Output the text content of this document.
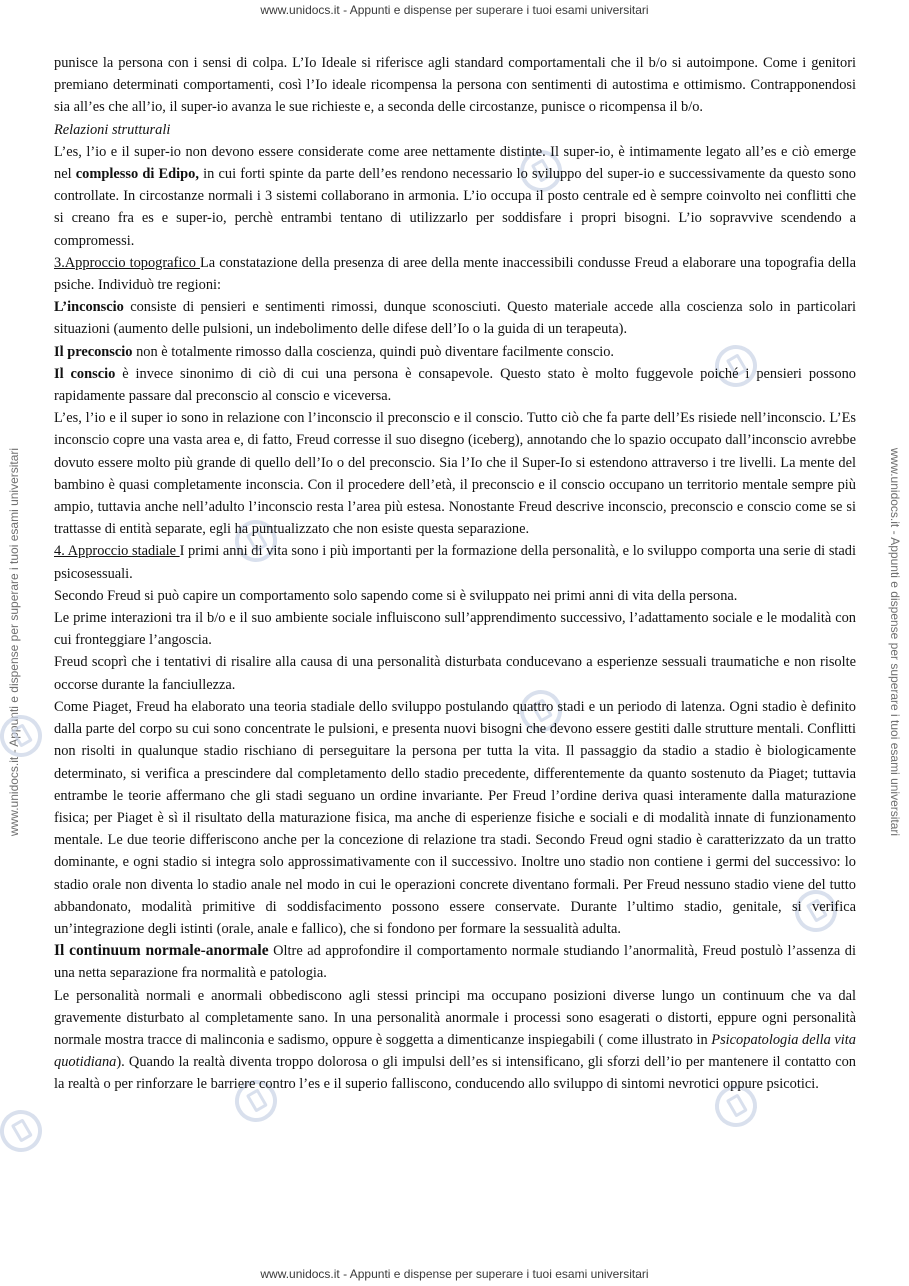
www.unidocs.it - Appunti e dispense per superare i tuoi esami universitari
www.unidocs.it - Appunti e dispense per superare i tuoi esami universitari	www.unidocs.it - Appunti e dispense per superare i tuoi esami universitari

punisce la persona con i sensi di colpa. L’Io Ideale si riferisce agli standard comportamentali che il b/o si autoimpone. Come i genitori premiano determinati comportamenti, così l’Io ideale ricompensa la persona con sentimenti di autostima e ottimismo. Contrapponendosi sia all’es che all’io, il super-io avanza le sue richieste e, a seconda delle circostanze, punisce o ricompensa il b/o.

Relazioni strutturali

L’es, l’io e il super-io non devono essere considerate come aree nettamente distinte. Il super-io, è intimamente legato all’es e ciò emerge nel complesso di Edipo, in cui forti spinte da parte dell’es rendono necessario lo sviluppo del super-io e successivamente da questo sono controllate. In circostanze normali i 3 sistemi collaborano in armonia. L’io occupa il posto centrale ed è sempre coinvolto nei conflitti che si creano fra es e super-io, perchè entrambi tentano di utilizzarlo per soddisfare i propri bisogni. L’io sopravvive scendendo a compromessi.

3.Approccio topografico La constatazione della presenza di aree della mente inaccessibili condusse Freud a elaborare una topografia della psiche. Individuò tre regioni:

L’inconscio consiste di pensieri e sentimenti rimossi, dunque sconosciuti. Questo materiale accede alla coscienza solo in particolari situazioni (aumento delle pulsioni, un indebolimento delle difese dell’Io o la guida di un terapeuta).

Il preconscio non è totalmente rimosso dalla coscienza, quindi può diventare facilmente conscio.

Il conscio è invece sinonimo di ciò di cui una persona è consapevole. Questo stato è molto fuggevole poiché i pensieri possono rapidamente passare dal preconscio al conscio e viceversa.

L’es, l’io e il super io sono in relazione con l’inconscio il preconscio e il conscio. Tutto ciò che fa parte dell’Es risiede nell’inconscio. L’Es inconscio copre una vasta area e, di fatto, Freud corresse il suo disegno (iceberg), annotando che lo spazio occupato dall’inconscio avrebbe dovuto essere molto più grande di quello dell’Io o del preconscio. Sia l’Io che il Super-Io si estendono attraverso i tre livelli. La mente del bambino è quasi completamente inconscia. Con il procedere dell’età, il preconscio e il conscio occupano un territorio mentale sempre più ampio, tuttavia anche nell’adulto l’inconscio resta l’area più estesa. Nonostante Freud descrive inconscio, preconscio e conscio come se si trattasse di entità separate, egli ha puntualizzato che non esiste questa separazione.

4. Approccio stadiale I primi anni di vita sono i più importanti per la formazione della personalità, e lo sviluppo comporta una serie di stadi psicosessuali.

Secondo Freud si può capire un comportamento solo sapendo come si è sviluppato nei primi anni di vita della persona.

Le prime interazioni tra il b/o e il suo ambiente sociale influiscono sull’apprendimento successivo, l’adattamento sociale e le modalità con cui fronteggiare l’angoscia.

Freud scoprì che i tentativi di risalire alla causa di una personalità disturbata conducevano a esperienze sessuali traumatiche e non risolte occorse durante la fanciullezza.

Come Piaget, Freud ha elaborato una teoria stadiale dello sviluppo postulando quattro stadi e un periodo di latenza. Ogni stadio è definito dalla parte del corpo su cui sono concentrate le pulsioni, e presenta nuovi bisogni che devono essere gestiti dalle strutture mentali. Conflitti non risolti in qualunque stadio rischiano di perseguitare la persona per tutta la vita. Il passaggio da stadio a stadio è biologicamente determinato, si verifica a prescindere dal completamento dello stadio precedente, differentemente da quanto sostenuto da Piaget; tuttavia entrambe le teorie affermano che gli stadi seguano un ordine invariante. Per Freud l’ordine deriva quasi interamente dalla maturazione fisica; per Piaget è sì il risultato della maturazione fisica, ma anche di esperienze fisiche e sociali e di modalità innate di funzionamento mentale. Le due teorie differiscono anche per la concezione di relazione tra stadi. Secondo Freud ogni stadio è caratterizzato da un tratto dominante, e ogni stadio si integra solo approssimativamente con il successivo. Inoltre uno stadio non contiene i germi del successivo: lo stadio orale non diventa lo stadio anale nel modo in cui le operazioni concrete diventano formali. Per Freud nessuno stadio viene del tutto abbandonato, modalità primitive di soddisfacimento possono essere conservate. Durante l’ultimo stadio, genitale, si verifica un’integrazione degli istinti (orale, anale e fallico), che si fondono per formare la sessualità adulta.

Il continuum normale-anormale Oltre ad approfondire il comportamento normale studiando l’anormalità, Freud postulò l’assenza di una netta separazione fra normalità e patologia.

Le personalità normali e anormali obbediscono agli stessi principi ma occupano posizioni diverse lungo un continuum che va dal gravemente disturbato al completamente sano. In una personalità anormale i processi sono esagerati o distorti, eppure ogni personalità normale mostra tracce di malinconia e sadismo, oppure è soggetta a dimenticanze inspiegabili ( come illustrato in Psicopatologia della vita quotidiana). Quando la realtà diventa troppo dolorosa o gli impulsi dell’es si intensificano, gli sforzi dell’io per mantenere il contatto con la realtà o per rinforzare le barriere contro l’es e il superio falliscono, conducendo allo sviluppo di sintomi nevrotici oppure psicotici.

www.unidocs.it - Appunti e dispense per superare i tuoi esami universitari
